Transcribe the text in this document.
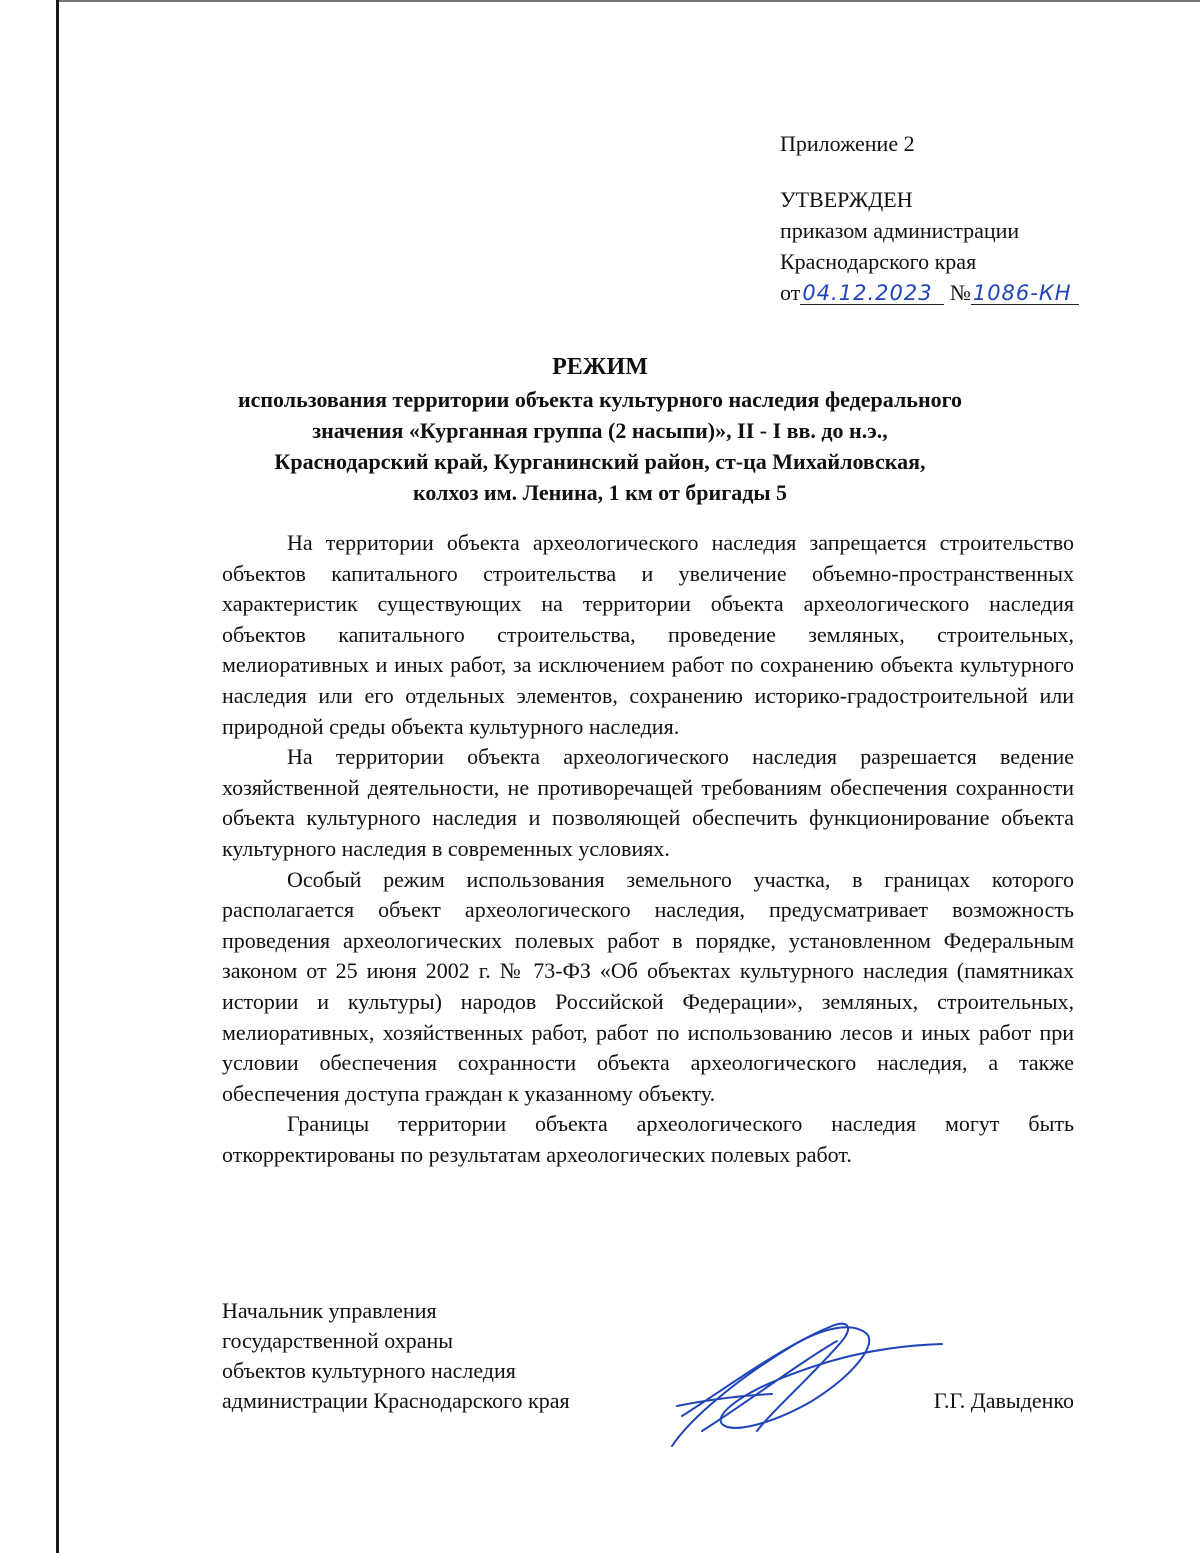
Приложение 2
УТВЕРЖДЕН
приказом администрации
Краснодарского края
от04.12.2023 №1086-КН
РЕЖИМ
использования территории объекта культурного наследия федерального
значения «Курганная группа (2 насыпи)», II - I вв. до н.э.,
Краснодарский край, Курганинский район, ст-ца Михайловская,
колхоз им. Ленина, 1 км от бригады 5

На территории объекта археологического наследия запрещается строительство объектов капитального строительства и увеличение объемно-пространственных характеристик существующих на территории объекта археологического наследия объектов капитального строительства, проведение земляных, строительных, мелиоративных и иных работ, за исключением работ по сохранению объекта культурного наследия или его отдельных элементов, сохранению историко-градостроительной или природной среды объекта культурного наследия.

На территории объекта археологического наследия разрешается ведение хозяйственной деятельности, не противоречащей требованиям обеспечения сохранности объекта культурного наследия и позволяющей обеспечить функционирование объекта культурного наследия в современных условиях.

Особый режим использования земельного участка, в границах которого располагается объект археологического наследия, предусматривает возможность проведения археологических полевых работ в порядке, установленном Федеральным законом от 25 июня 2002 г. № 73-ФЗ «Об объектах культурного наследия (памятниках истории и культуры) народов Российской Федерации», земляных, строительных, мелиоративных, хозяйственных работ, работ по использованию лесов и иных работ при условии обеспечения сохранности объекта археологического наследия, а также обеспечения доступа граждан к указанному объекту.

Границы территории объекта археологического наследия могут быть откорректированы по результатам археологических полевых работ.

Начальник управления
государственной охраны
объектов культурного наследия
администрации Краснодарского края	Г.Г. Давыденко
